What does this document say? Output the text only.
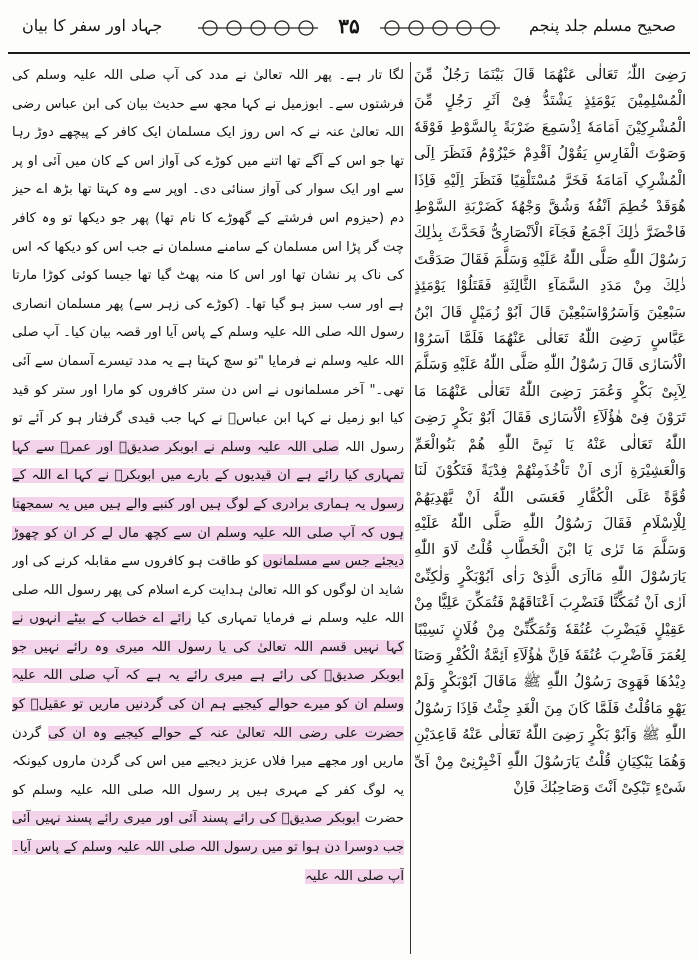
صحیح مسلم جلد پنجم
۳۵
جہاد اور سفر کا بیان

رَضِیَ اللّٰہُ تَعَالٰی عَنْھُمَا قَالَ بَیْنَمَا رَجُلٌ مِّنَ الْمُسْلِمِیْنَ یَوْمَئِذٍ یَشْتَدُّ فِیْ اَثَرِ رَجُلٍ مِّنَ الْمُشْرِکِیْنَ اَمَامَهٗ اِذْسَمِعَ ضَرْبَةً بِالسَّوْطِ فَوْقَهٗ وَصَوْتَ الْفَارِسِ یَقُوْلُ اَقْدِمْ حَیْزُوْمُ فَنَظَرَ اِلَی الْمُشْرِکِ اَمَامَهٗ فَخَرَّ مُسْتَلْقِیًا فَنَظَرَ اِلَیْهِ فَاِذَا هُوَقَدْ خُطِمَ اَنْفُهٗ وَشُقَّ وَجْهُهٗ کَضَرْبَةِ السَّوْطِ فَاخْضَرَّ ذٰلِكَ اَجْمَعُ فَجَآءَ الْاَنْصَارِیُّ فَحَدَّثَ بِذٰلِكَ رَسُوْلَ اللّٰهِ صَلَّی اللّٰهُ عَلَیْهِ وَسَلَّمَ فَقَالَ صَدَقْتَ ذٰلِكَ مِنْ مَدَدِ السَّمَآءِ الثَّالِثَةِ فَقَتَلُوْا یَوْمَئِذٍ سَبْعِیْنَ وَاَسَرُوْاسَبْعِیْنَ قَالَ اَبُوْ زُمَیْلٍ قَالَ ابْنُ عَبَّاسٍ رَضِیَ اللّٰهُ تَعَالٰی عَنْهُمَا فَلَمَّا اَسَرُوْا الْاُسَارٰی قَالَ رَسُوْلُ اللّٰهِ صَلَّی اللّٰهُ عَلَیْهِ وَسَلَّمَ لِاَبِیْ بَکْرٍ وَعُمَرَ رَضِیَ اللّٰهُ تَعَالٰی عَنْهُمَا مَا تَرَوْنَ فِیْ هٰؤُلَآءِ الْاُسَارٰی فَقَالَ اَبُوْ بَکْرٍ رَضِیَ اللّٰهُ تَعَالٰی عَنْهُ یَا نَبِیَّ اللّٰهِ هُمْ بَنُوالْعَمِّ وَالْعَشِیْرَةِ اَرٰی اَنْ تَاْخُذَمِنْهُمْ فِدْیَةً فَتَکُوْنَ لَنَا قُوَّةً عَلَی الْکُفَّارِ فَعَسَی اللّٰهُ اَنْ یَّهْدِیَهُمْ لِلْاِسْلَامِ فَقَالَ رَسُوْلُ اللّٰهِ صَلَّی اللّٰهُ عَلَیْهِ وَسَلَّمَ مَا تَرٰی یَا ابْنَ الْخَطَّابِ قُلْتُ لَاوَ اللّٰهِ یَارَسُوْلَ اللّٰهِ مَااَرَی الَّذِیْ رَاٰی اَبُوْبَکْرٍ وَلٰکِنِّیْ اَرٰی اَنْ تُمَکِّنَّا فَنَضْرِبَ اَعْنَاقَهُمْ فَتُمَکِّنَ عَلِیًّا مِنْ عَقِیْلٍ فَیَضْرِبَ عُنُقَهٗ وَتُمَکِّنِّیْ مِنْ فُلَانٍ نَسِیْبًا لِعُمَرَ فَاَضْرِبَ عُنُقَهٗ فَاِنَّ هٰؤُلَآءِ اَئِمَّةُ الْکُفْرِ وَصَنَا دِیْدُهَا فَهَوِیَ رَسُوْلُ اللّٰهِ ﷺ مَاقَالَ اَبُوْبَکْرٍ وَلَمْ یَهْوِ مَاقُلْتُ فَلَمَّا کَانَ مِنَ الْغَدِ جِئْتُ فَاِذَا رَسُوْلُ اللّٰهِ ﷺ وَاَبُوْ بَکْرٍ رَضِیَ اللّٰهُ تَعَالٰی عَنْهُ قَاعِدَیْنِ وَهُمَا یَبْکِیَانِ قُلْتُ یَارَسُوْلَ اللّٰهِ اَخْبِرْنِیْ مِنْ اَیِّ شَیْءٍ تَبْکِیْ اَنْتَ وَصَاحِبُكَ فَاِنْ

لگا تار ہے۔ پھر اللہ تعالیٰ نے مدد کی آپ صلی اللہ علیہ وسلم کی فرشتوں سے۔ ابوزمیل نے کہا مجھ سے حدیث بیان کی ابن عباس رضی اللہ تعالیٰ عنہ نے کہ اس روز ایک مسلمان ایک کافر کے پیچھے دوڑ رہا تھا جو اس کے آگے تھا اتنے میں کوڑے کی آواز اس کے کان میں آئی او پر سے اور ایک سوار کی آواز سنائی دی۔ اوپر سے وہ کہتا تھا بڑھ اے حیز دم (حیزوم اس فرشتے کے گھوڑے کا نام تھا) پھر جو دیکھا تو وہ کافر چت گر پڑا اس مسلمان کے سامنے مسلمان نے جب اس کو دیکھا کہ اس کی ناک پر نشان تھا اور اس کا منہ پھٹ گیا تھا جیسا کوئی کوڑا مارتا ہے اور سب سبز ہو گیا تھا۔ (کوڑے کی زہر سے) پھر مسلمان انصاری رسول اللہ صلی اللہ علیہ وسلم کے پاس آیا اور قصہ بیان کیا۔ آپ صلی اللہ علیہ وسلم نے فرمایا "تو سچ کہتا ہے یہ مدد تیسرے آسمان سے آئی تھی۔" آخر مسلمانوں نے اس دن ستر کافروں کو مارا اور ستر کو قید کیا ابو زمیل نے کہا ابن عباسؓ نے کہا جب قیدی گرفتار ہو کر آئے تو رسول اللہ صلی اللہ علیہ وسلم نے ابوبکر صدیقؓ اور عمرؓ سے کہا تمہاری کیا رائے ہے ان قیدیوں کے بارے میں ابوبکرؓ نے کہا اے اللہ کے رسول یہ ہماری برادری کے لوگ ہیں اور کنبے والے ہیں میں یہ سمجھتا ہوں کہ آپ صلی اللہ علیہ وسلم ان سے کچھ مال لے کر ان کو چھوڑ دیجئے جس سے مسلمانوں کو طاقت ہو کافروں سے مقابلہ کرنے کی اور شاید ان لوگوں کو اللہ تعالیٰ ہدایت کرے اسلام کی پھر رسول اللہ صلی اللہ علیہ وسلم نے فرمایا تمہاری کیا رائے اے خطاب کے بیٹے انہوں نے کہا نہیں قسم اللہ تعالیٰ کی یا رسول اللہ میری وہ رائے نہیں جو ابوبکر صدیقؓ کی رائے ہے میری رائے یہ ہے کہ آپ صلی اللہ علیہ وسلم ان کو میرے حوالے کیجیے ہم ان کی گردنیں ماریں تو عقیلؓ کو حضرت علی رضی اللہ تعالیٰ عنہ کے حوالے کیجیے وہ ان کی گردن ماریں اور مجھے میرا فلاں عزیز دیجیے میں اس کی گردن ماروں کیونکہ یہ لوگ کفر کے مہری ہیں پر رسول اللہ صلی اللہ علیہ وسلم کو حضرت ابوبکر صدیقؓ کی رائے پسند آئی اور میری رائے پسند نہیں آئی جب دوسرا دن ہوا تو میں رسول اللہ صلی اللہ علیہ وسلم کے پاس آیا۔ آپ صلی اللہ علیہ
